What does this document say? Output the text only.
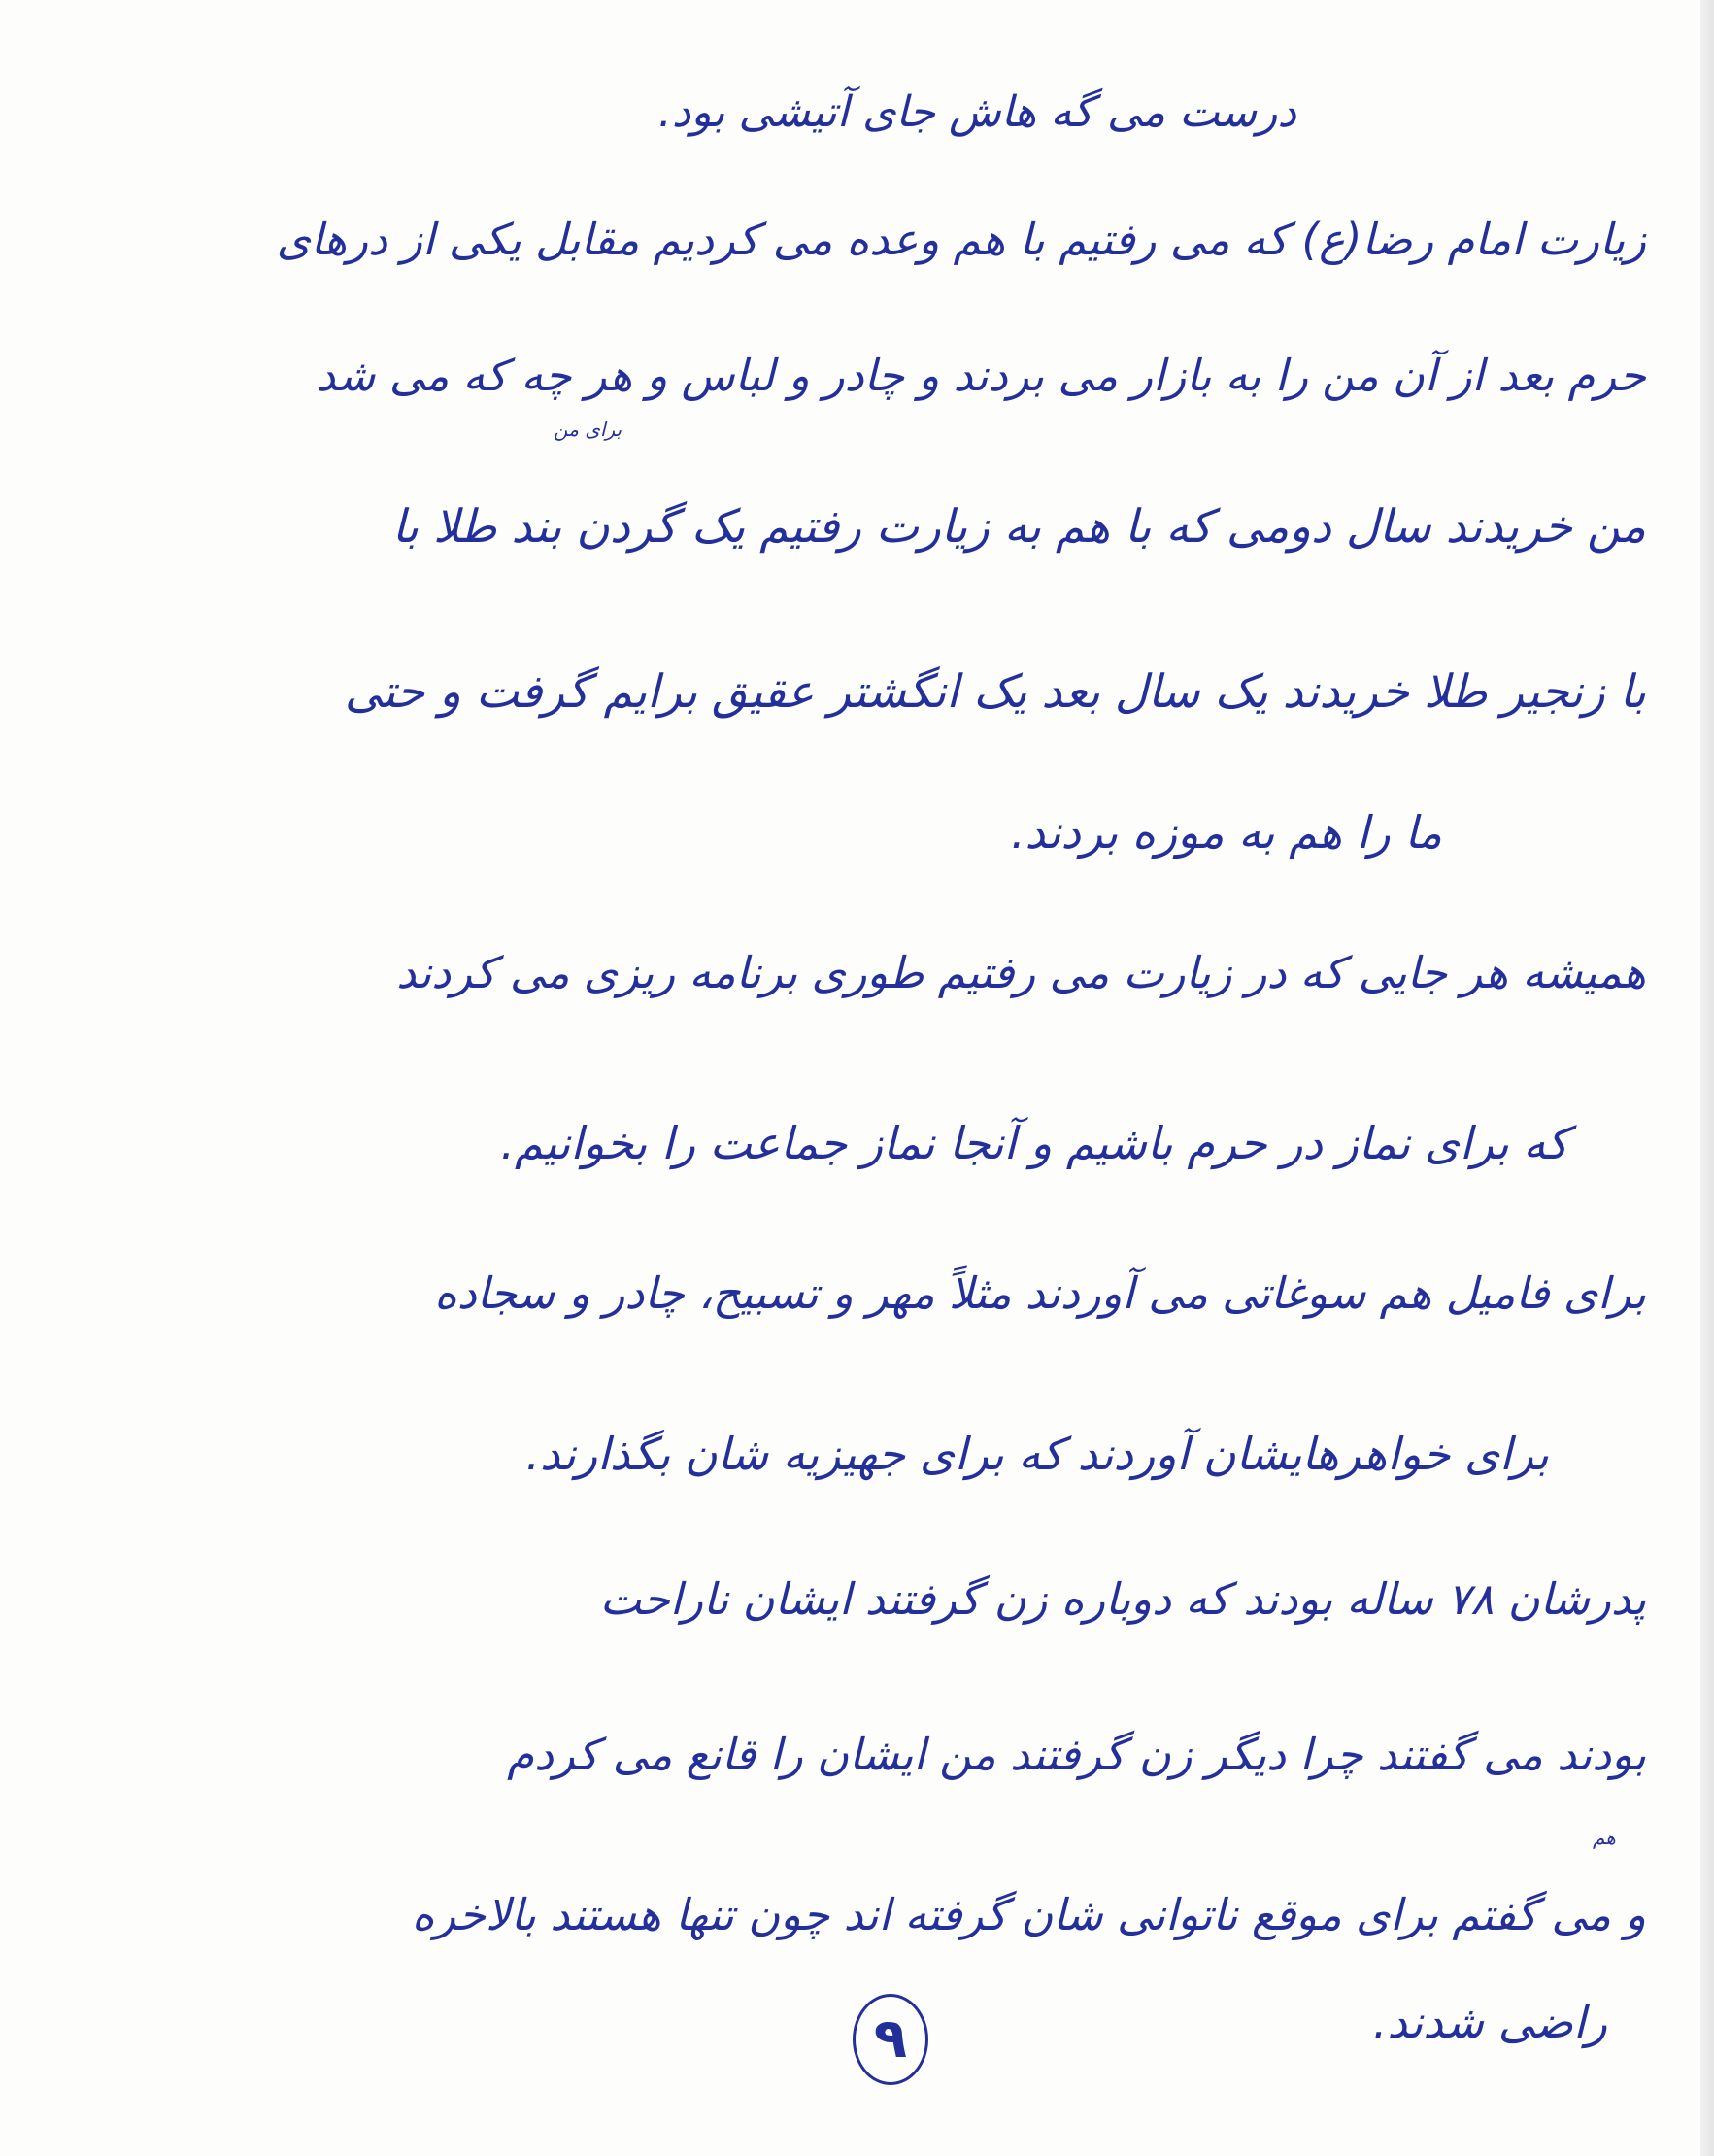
درست می گه هاش جای آتیشی بود.
زیارت امام رضا(ع) که می رفتیم با هم وعده می کردیم مقابل یکی از درهای
حرم بعد از آن من را به بازار می بردند و چادر و لباس و هر چه که می شد
من خریدند سال دومی که با هم به زیارت رفتیم یک گردن بند طلا با
با زنجیر طلا خریدند یک سال بعد یک انگشتر عقیق برایم گرفت و حتی
ما را هم به موزه بردند.
همیشه هر جایی که در زیارت می رفتیم طوری برنامه ریزی می کردند
که برای نماز در حرم باشیم و آنجا نماز جماعت را بخوانیم.
برای فامیل هم سوغاتی می آوردند مثلاً مهر و تسبیح، چادر و سجاده
برای خواهرهایشان آوردند که برای جهیزیه شان بگذارند.
پدرشان ۷۸ ساله بودند که دوباره زن گرفتند ایشان ناراحت
بودند می گفتند چرا دیگر زن گرفتند من ایشان را قانع می کردم
و می گفتم برای موقع ناتوانی شان گرفته اند چون تنها هستند بالاخره
راضی شدند.
برای من
هم
۹
